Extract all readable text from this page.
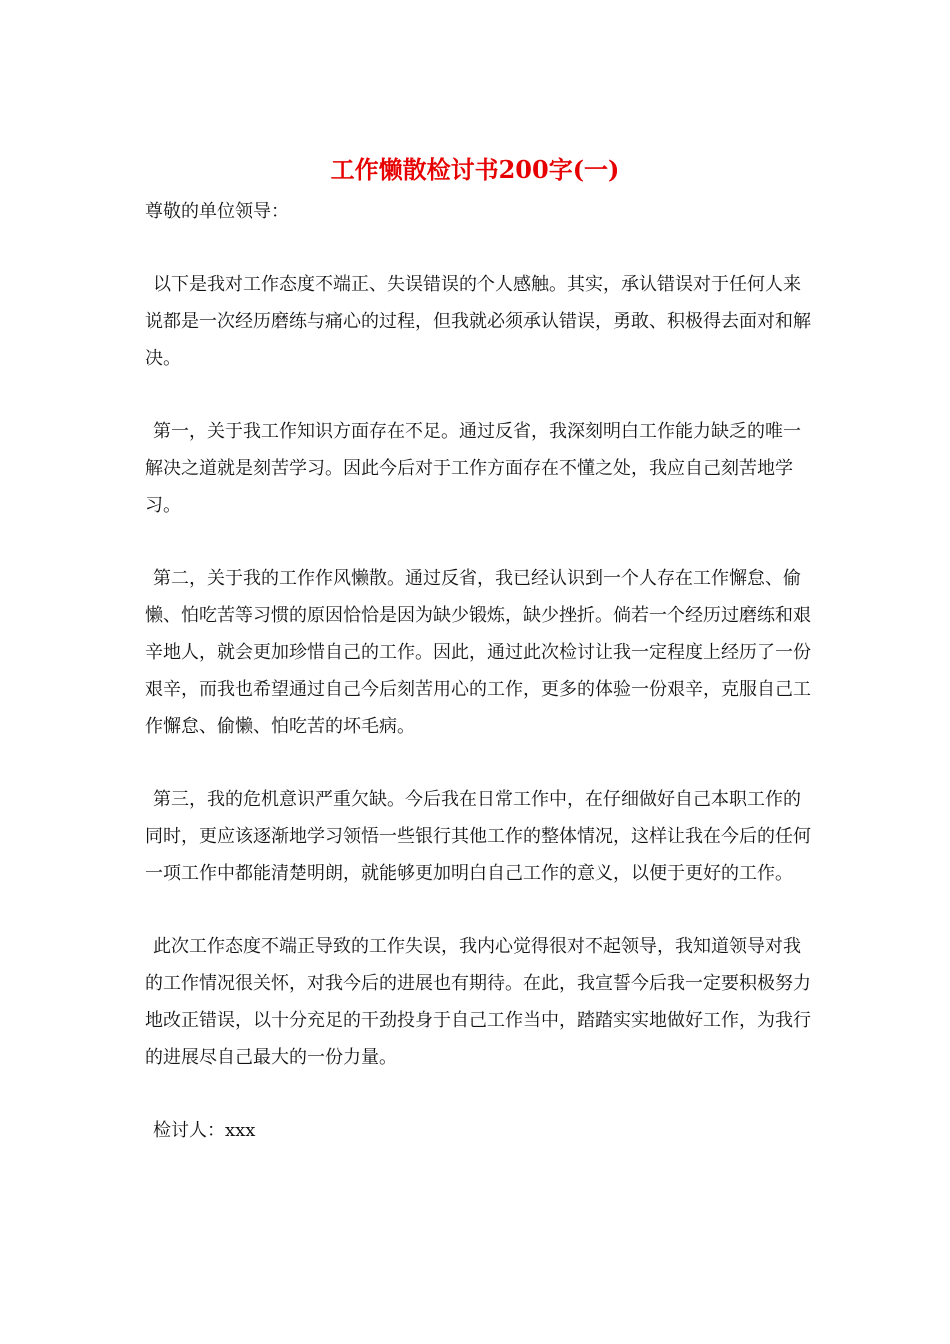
工作懒散检讨书200字(一)

尊敬的单位领导：

以下是我对工作态度不端正、失误错误的个人感触。其实，承认错误对于任何人来说都是一次经历磨练与痛心的过程，但我就必须承认错误，勇敢、积极得去面对和解决。

第一，关于我工作知识方面存在不足。通过反省，我深刻明白工作能力缺乏的唯一解决之道就是刻苦学习。因此今后对于工作方面存在不懂之处，我应自己刻苦地学习。

第二，关于我的工作作风懒散。通过反省，我已经认识到一个人存在工作懈怠、偷懒、怕吃苦等习惯的原因恰恰是因为缺少锻炼，缺少挫折。倘若一个经历过磨练和艰辛地人，就会更加珍惜自己的工作。因此，通过此次检讨让我一定程度上经历了一份艰辛，而我也希望通过自己今后刻苦用心的工作，更多的体验一份艰辛，克服自己工作懈怠、偷懒、怕吃苦的坏毛病。

第三，我的危机意识严重欠缺。今后我在日常工作中，在仔细做好自己本职工作的同时，更应该逐渐地学习领悟一些银行其他工作的整体情况，这样让我在今后的任何一项工作中都能清楚明朗，就能够更加明白自己工作的意义，以便于更好的工作。

此次工作态度不端正导致的工作失误，我内心觉得很对不起领导，我知道领导对我的工作情况很关怀，对我今后的进展也有期待。在此，我宣誓今后我一定要积极努力地改正错误，以十分充足的干劲投身于自己工作当中，踏踏实实地做好工作，为我行的进展尽自己最大的一份力量。

检讨人：xxx
